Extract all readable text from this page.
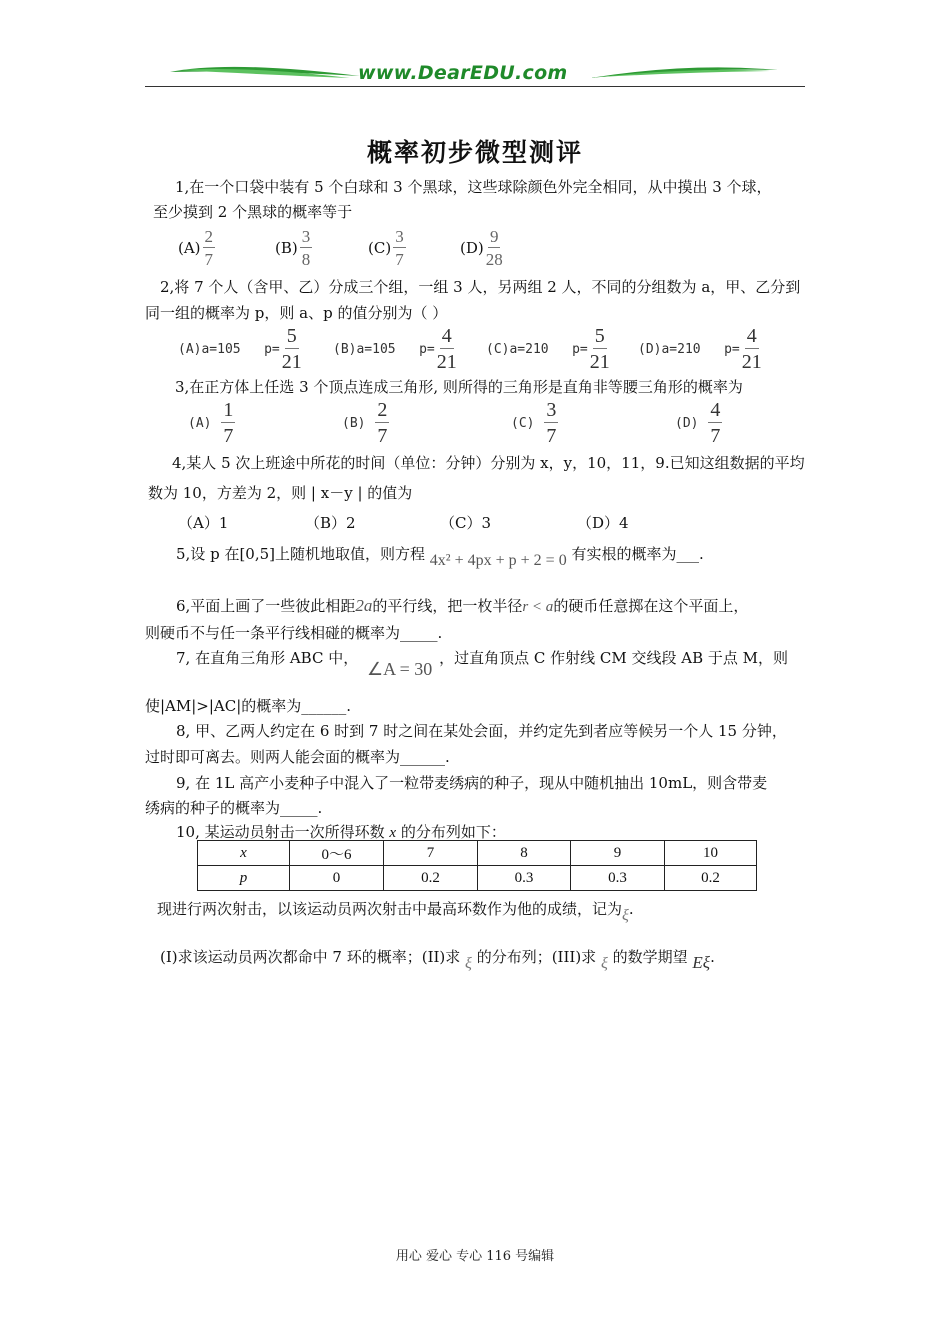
www.DearEDU.com
概率初步微型测评
1,在一个口袋中装有 5 个白球和 3 个黑球，这些球除颜色外完全相同，从中摸出 3 个球，
至少摸到 2 个黑球的概率等于
$(A) \frac{2}{7}$	$(B) \frac{3}{8}$	$(C) \frac{3}{7}$	$(D) \frac{9}{28}$
2,将 7 个人（含甲、乙）分成三个组，一组 3 人，另两组 2 人，不同的分组数为 a，甲、乙分到
同一组的概率为 p，则 a、p 的值分别为（ ）
(A)a=105
$p= \frac{5}{21} (B)a=105$
$p= \frac{4}{21} (C)a=210$
$p= \frac{5}{21} (D)a=210$
$p= \frac{4}{21}$
3,在正方体上任选 3 个顶点连成三角形, 则所得的三角形是直角非等腰三角形的概率为
(A)
$\frac{1}{7}$	(B)
$\frac{2}{7}$	(C)
$\frac{3}{7}$	(D)
$\frac{4}{7}$
4,某人 5 次上班途中所花的时间（单位：分钟）分别为 x，y，10，11，9.已知这组数据的平均
数为 10，方差为 2，则 | x－y | 的值为
（A）1	（B）2	（C）3	（D）4
5,设 p 在[0,5]上随机地取值，则方程 4x² + 4px + p + 2 = 0 有实根的概率为___.
6,平面上画了一些彼此相距2a的平行线，把一枚半径r < a的硬币任意掷在这个平面上，
则硬币不与任一条平行线相碰的概率为_____.
7, 在直角三角形 ABC 中， ∠A = 30 ，过直角顶点 C 作射线 CM 交线段 AB 于点 M，则
使|AM|>|AC|的概率为______.
8, 甲、乙两人约定在 6 时到 7 时之间在某处会面，并约定先到者应等候另一个人 15 分钟，
过时即可离去。则两人能会面的概率为______.
9, 在 1L 高产小麦种子中混入了一粒带麦绣病的种子，现从中随机抽出 10mL，则含带麦
绣病的种子的概率为_____.
10, 某运动员射击一次所得环数 x 的分布列如下：
x	0～6	7	8	9	10
p	0	0.2	0.3	0.3	0.2
现进行两次射击，以该运动员两次射击中最高环数作为他的成绩，记为ξ.
(I)求该运动员两次都命中 7 环的概率；(II)求 ξ 的分布列；(III)求 ξ 的数学期望 Eξ.
用心 爱心 专心 116 号编辑
